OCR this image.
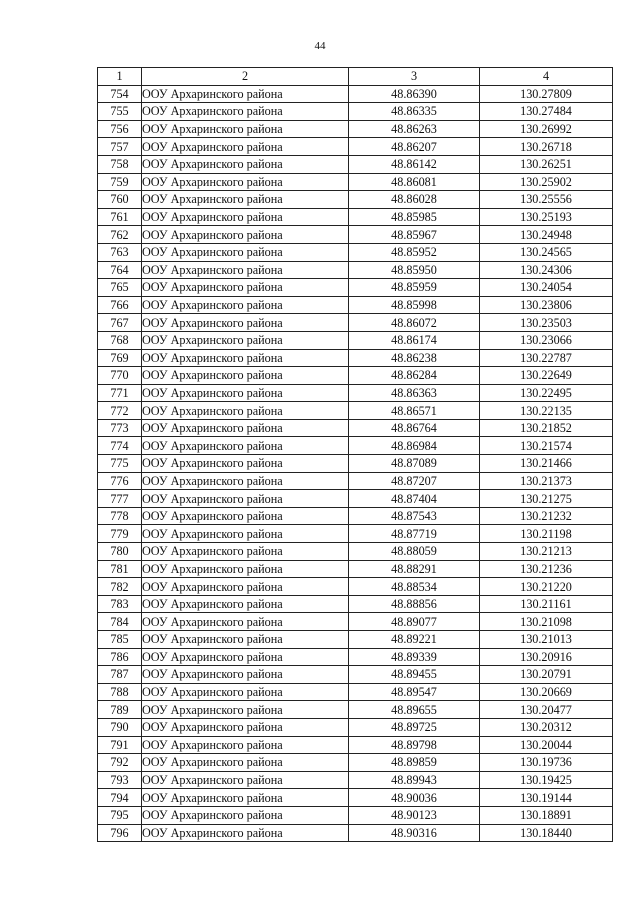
44
1	2	3	4
754	ООУ Архаринского района	48.86390	130.27809
755	ООУ Архаринского района	48.86335	130.27484
756	ООУ Архаринского района	48.86263	130.26992
757	ООУ Архаринского района	48.86207	130.26718
758	ООУ Архаринского района	48.86142	130.26251
759	ООУ Архаринского района	48.86081	130.25902
760	ООУ Архаринского района	48.86028	130.25556
761	ООУ Архаринского района	48.85985	130.25193
762	ООУ Архаринского района	48.85967	130.24948
763	ООУ Архаринского района	48.85952	130.24565
764	ООУ Архаринского района	48.85950	130.24306
765	ООУ Архаринского района	48.85959	130.24054
766	ООУ Архаринского района	48.85998	130.23806
767	ООУ Архаринского района	48.86072	130.23503
768	ООУ Архаринского района	48.86174	130.23066
769	ООУ Архаринского района	48.86238	130.22787
770	ООУ Архаринского района	48.86284	130.22649
771	ООУ Архаринского района	48.86363	130.22495
772	ООУ Архаринского района	48.86571	130.22135
773	ООУ Архаринского района	48.86764	130.21852
774	ООУ Архаринского района	48.86984	130.21574
775	ООУ Архаринского района	48.87089	130.21466
776	ООУ Архаринского района	48.87207	130.21373
777	ООУ Архаринского района	48.87404	130.21275
778	ООУ Архаринского района	48.87543	130.21232
779	ООУ Архаринского района	48.87719	130.21198
780	ООУ Архаринского района	48.88059	130.21213
781	ООУ Архаринского района	48.88291	130.21236
782	ООУ Архаринского района	48.88534	130.21220
783	ООУ Архаринского района	48.88856	130.21161
784	ООУ Архаринского района	48.89077	130.21098
785	ООУ Архаринского района	48.89221	130.21013
786	ООУ Архаринского района	48.89339	130.20916
787	ООУ Архаринского района	48.89455	130.20791
788	ООУ Архаринского района	48.89547	130.20669
789	ООУ Архаринского района	48.89655	130.20477
790	ООУ Архаринского района	48.89725	130.20312
791	ООУ Архаринского района	48.89798	130.20044
792	ООУ Архаринского района	48.89859	130.19736
793	ООУ Архаринского района	48.89943	130.19425
794	ООУ Архаринского района	48.90036	130.19144
795	ООУ Архаринского района	48.90123	130.18891
796	ООУ Архаринского района	48.90316	130.18440
